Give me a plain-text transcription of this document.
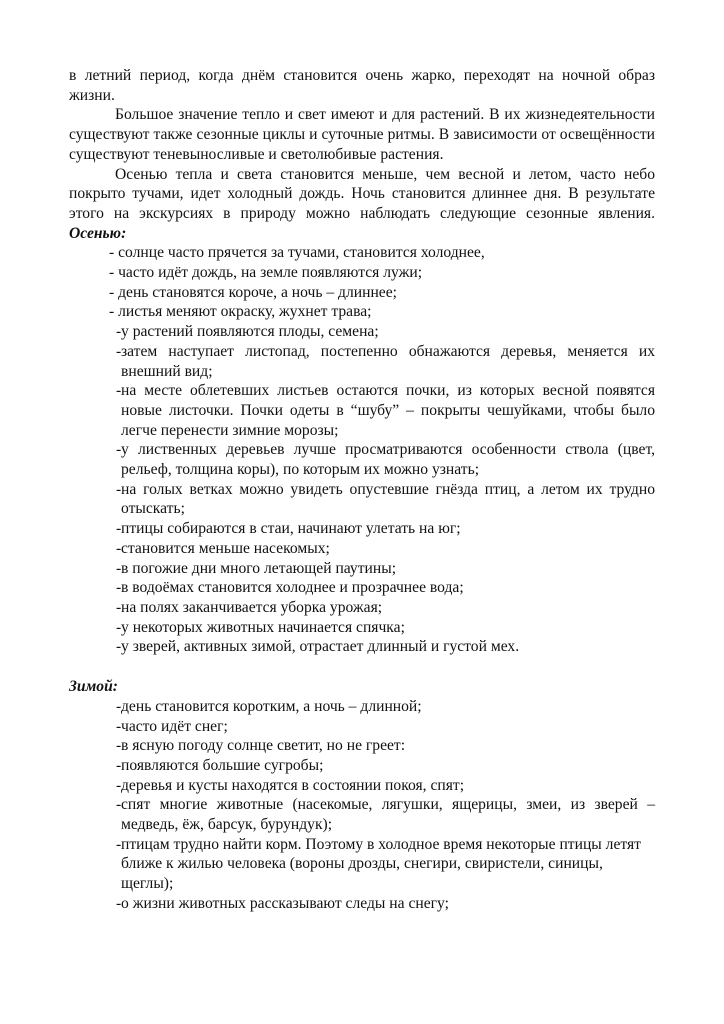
в летний период, когда днём становится очень жарко, переходят на ночной образ жизни.

Большое значение тепло и свет имеют и для растений. В их жизнедеятельности существуют также сезонные циклы и суточные ритмы. В зависимости от освещённости существуют теневыносливые и светолюбивые растения.

Осенью тепла и света становится меньше, чем весной и летом, часто небо покрыто тучами, идет холодный дождь. Ночь становится длиннее дня. В результате этого на экскурсиях в природу можно наблюдать следующие сезонные явления. Осенью:

- солнце часто прячется за тучами, становится холоднее,

- часто идёт дождь, на земле появляются лужи;

- день становятся короче, а ночь – длиннее;

- листья меняют окраску, жухнет трава;

-
у растений появляются плоды, семена;
-
затем наступает листопад, постепенно обнажаются деревья, меняется их внешний вид;
-
на месте облетевших листьев остаются почки, из которых весной появятся новые листочки. Почки одеты в “шубу” – покрыты чешуйками, чтобы было легче перенести зимние морозы;
-
у лиственных деревьев лучше просматриваются особенности ствола (цвет, рельеф, толщина коры), по которым их можно узнать;
-
на голых ветках можно увидеть опустевшие гнёзда птиц, а летом их трудно отыскать;
-
птицы собираются в стаи, начинают улетать на юг;
-
становится меньше насекомых;
-
в погожие дни много летающей паутины;
-
в водоёмах становится холоднее и прозрачнее вода;
-
на полях заканчивается уборка урожая;
-
у некоторых животных начинается спячка;
-
у зверей, активных зимой, отрастает длинный и густой мех.

Зимой:

-
день становится коротким, а ночь – длинной;
-
часто идёт снег;
-
в ясную погоду солнце светит, но не греет:
-
появляются большие сугробы;
-
деревья и кусты находятся в состоянии покоя, спят;
-
спят многие животные (насекомые, лягушки, ящерицы, змеи, из зверей – медведь, ёж, барсук, бурундук);
-
птицам трудно найти корм. Поэтому в холодное время некоторые птицы летят ближе к жилью человека (вороны дрозды, снегири, свиристели, синицы, щеглы);
-
о жизни животных рассказывают следы на снегу;
